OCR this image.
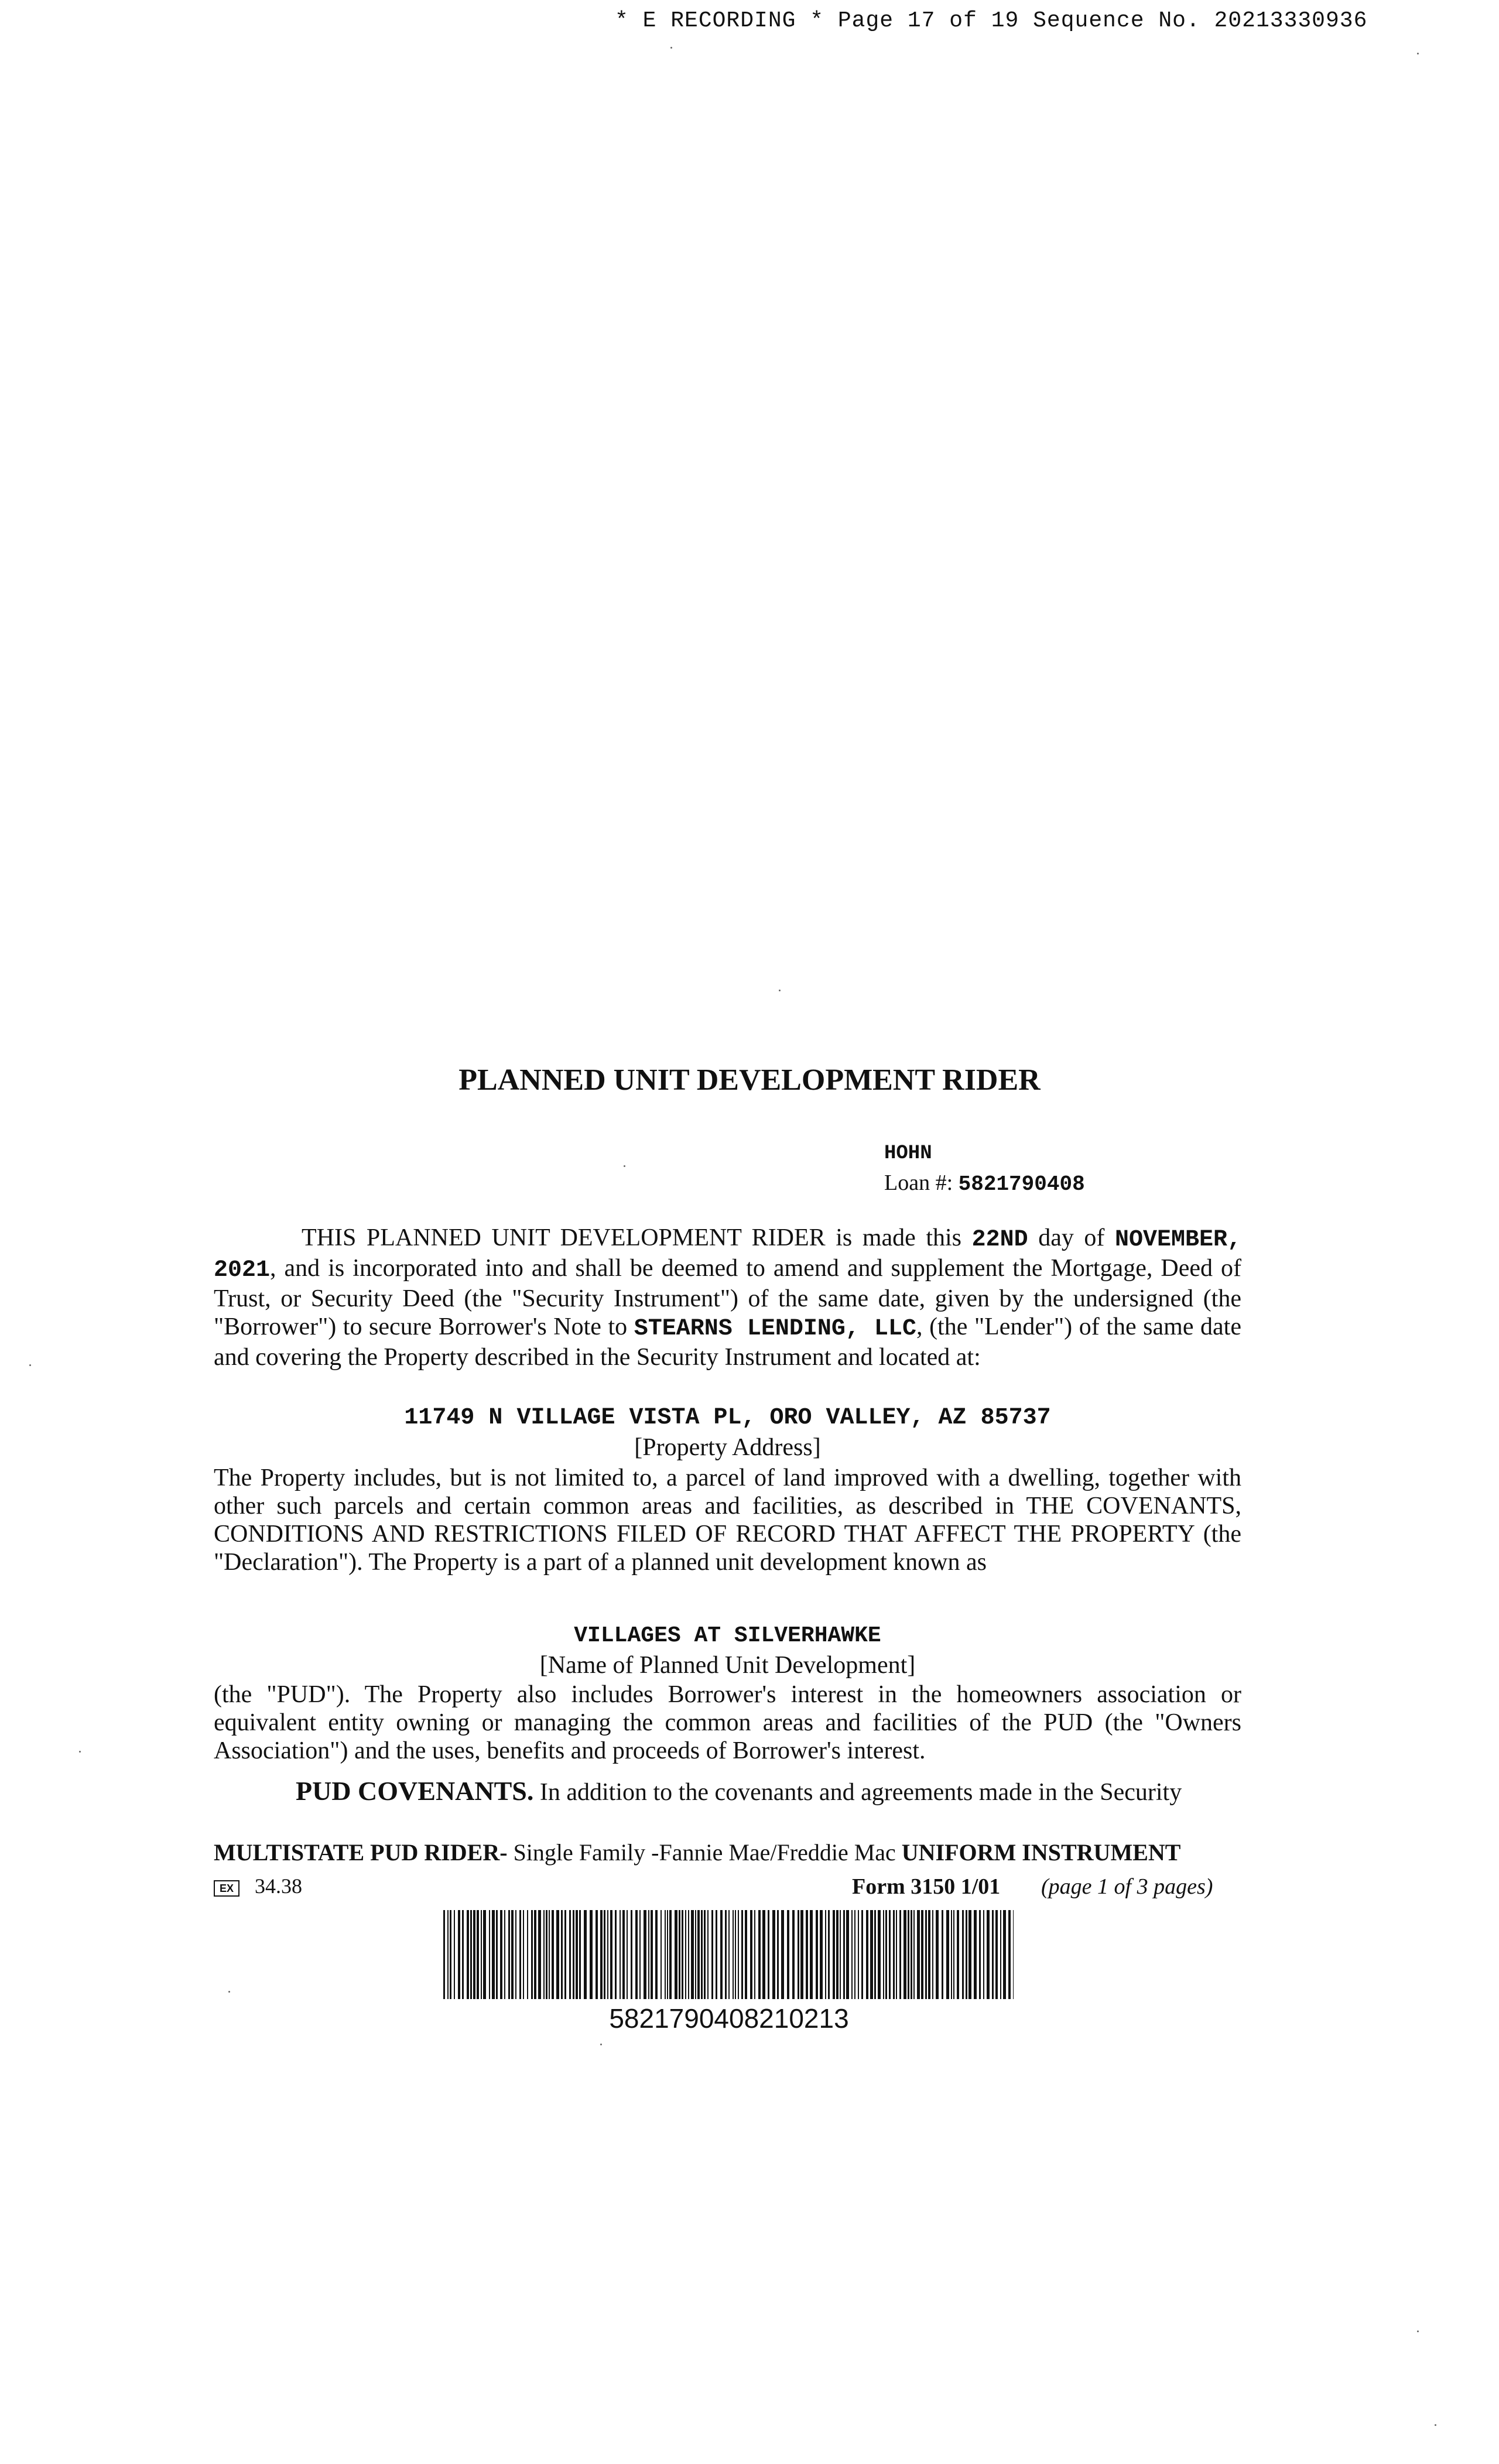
* E RECORDING * Page 17 of 19 Sequence No. 20213330936
PLANNED UNIT DEVELOPMENT RIDER
HOHN
Loan #: 5821790408
THIS PLANNED UNIT DEVELOPMENT RIDER is made this 22ND day of NOVEMBER, 2021, and is incorporated into and shall be deemed to amend and supplement the Mortgage, Deed of Trust, or Security Deed (the "Security Instrument") of the same date, given by the undersigned (the "Borrower") to secure Borrower's Note to STEARNS LENDING, LLC, (the "Lender") of the same date and covering the Property described in the Security Instrument and located at:
11749 N VILLAGE VISTA PL, ORO VALLEY, AZ 85737
[Property Address]
The Property includes, but is not limited to, a parcel of land improved with a dwelling, together with other such parcels and certain common areas and facilities, as described in THE COVENANTS, CONDITIONS AND RESTRICTIONS FILED OF RECORD THAT AFFECT THE PROPERTY (the "Declaration"). The Property is a part of a planned unit development known as
VILLAGES AT SILVERHAWKE
[Name of Planned Unit Development]
(the "PUD"). The Property also includes Borrower's interest in the homeowners association or equivalent entity owning or managing the common areas and facilities of the PUD (the "Owners Association") and the uses, benefits and proceeds of Borrower's interest.
PUD COVENANTS. In addition to the covenants and agreements made in the Security
MULTISTATE PUD RIDER- Single Family -Fannie Mae/Freddie Mac UNIFORM INSTRUMENT
EX 34.38	Form 3150 1/01 (page 1 of 3 pages)
5821790408210213
